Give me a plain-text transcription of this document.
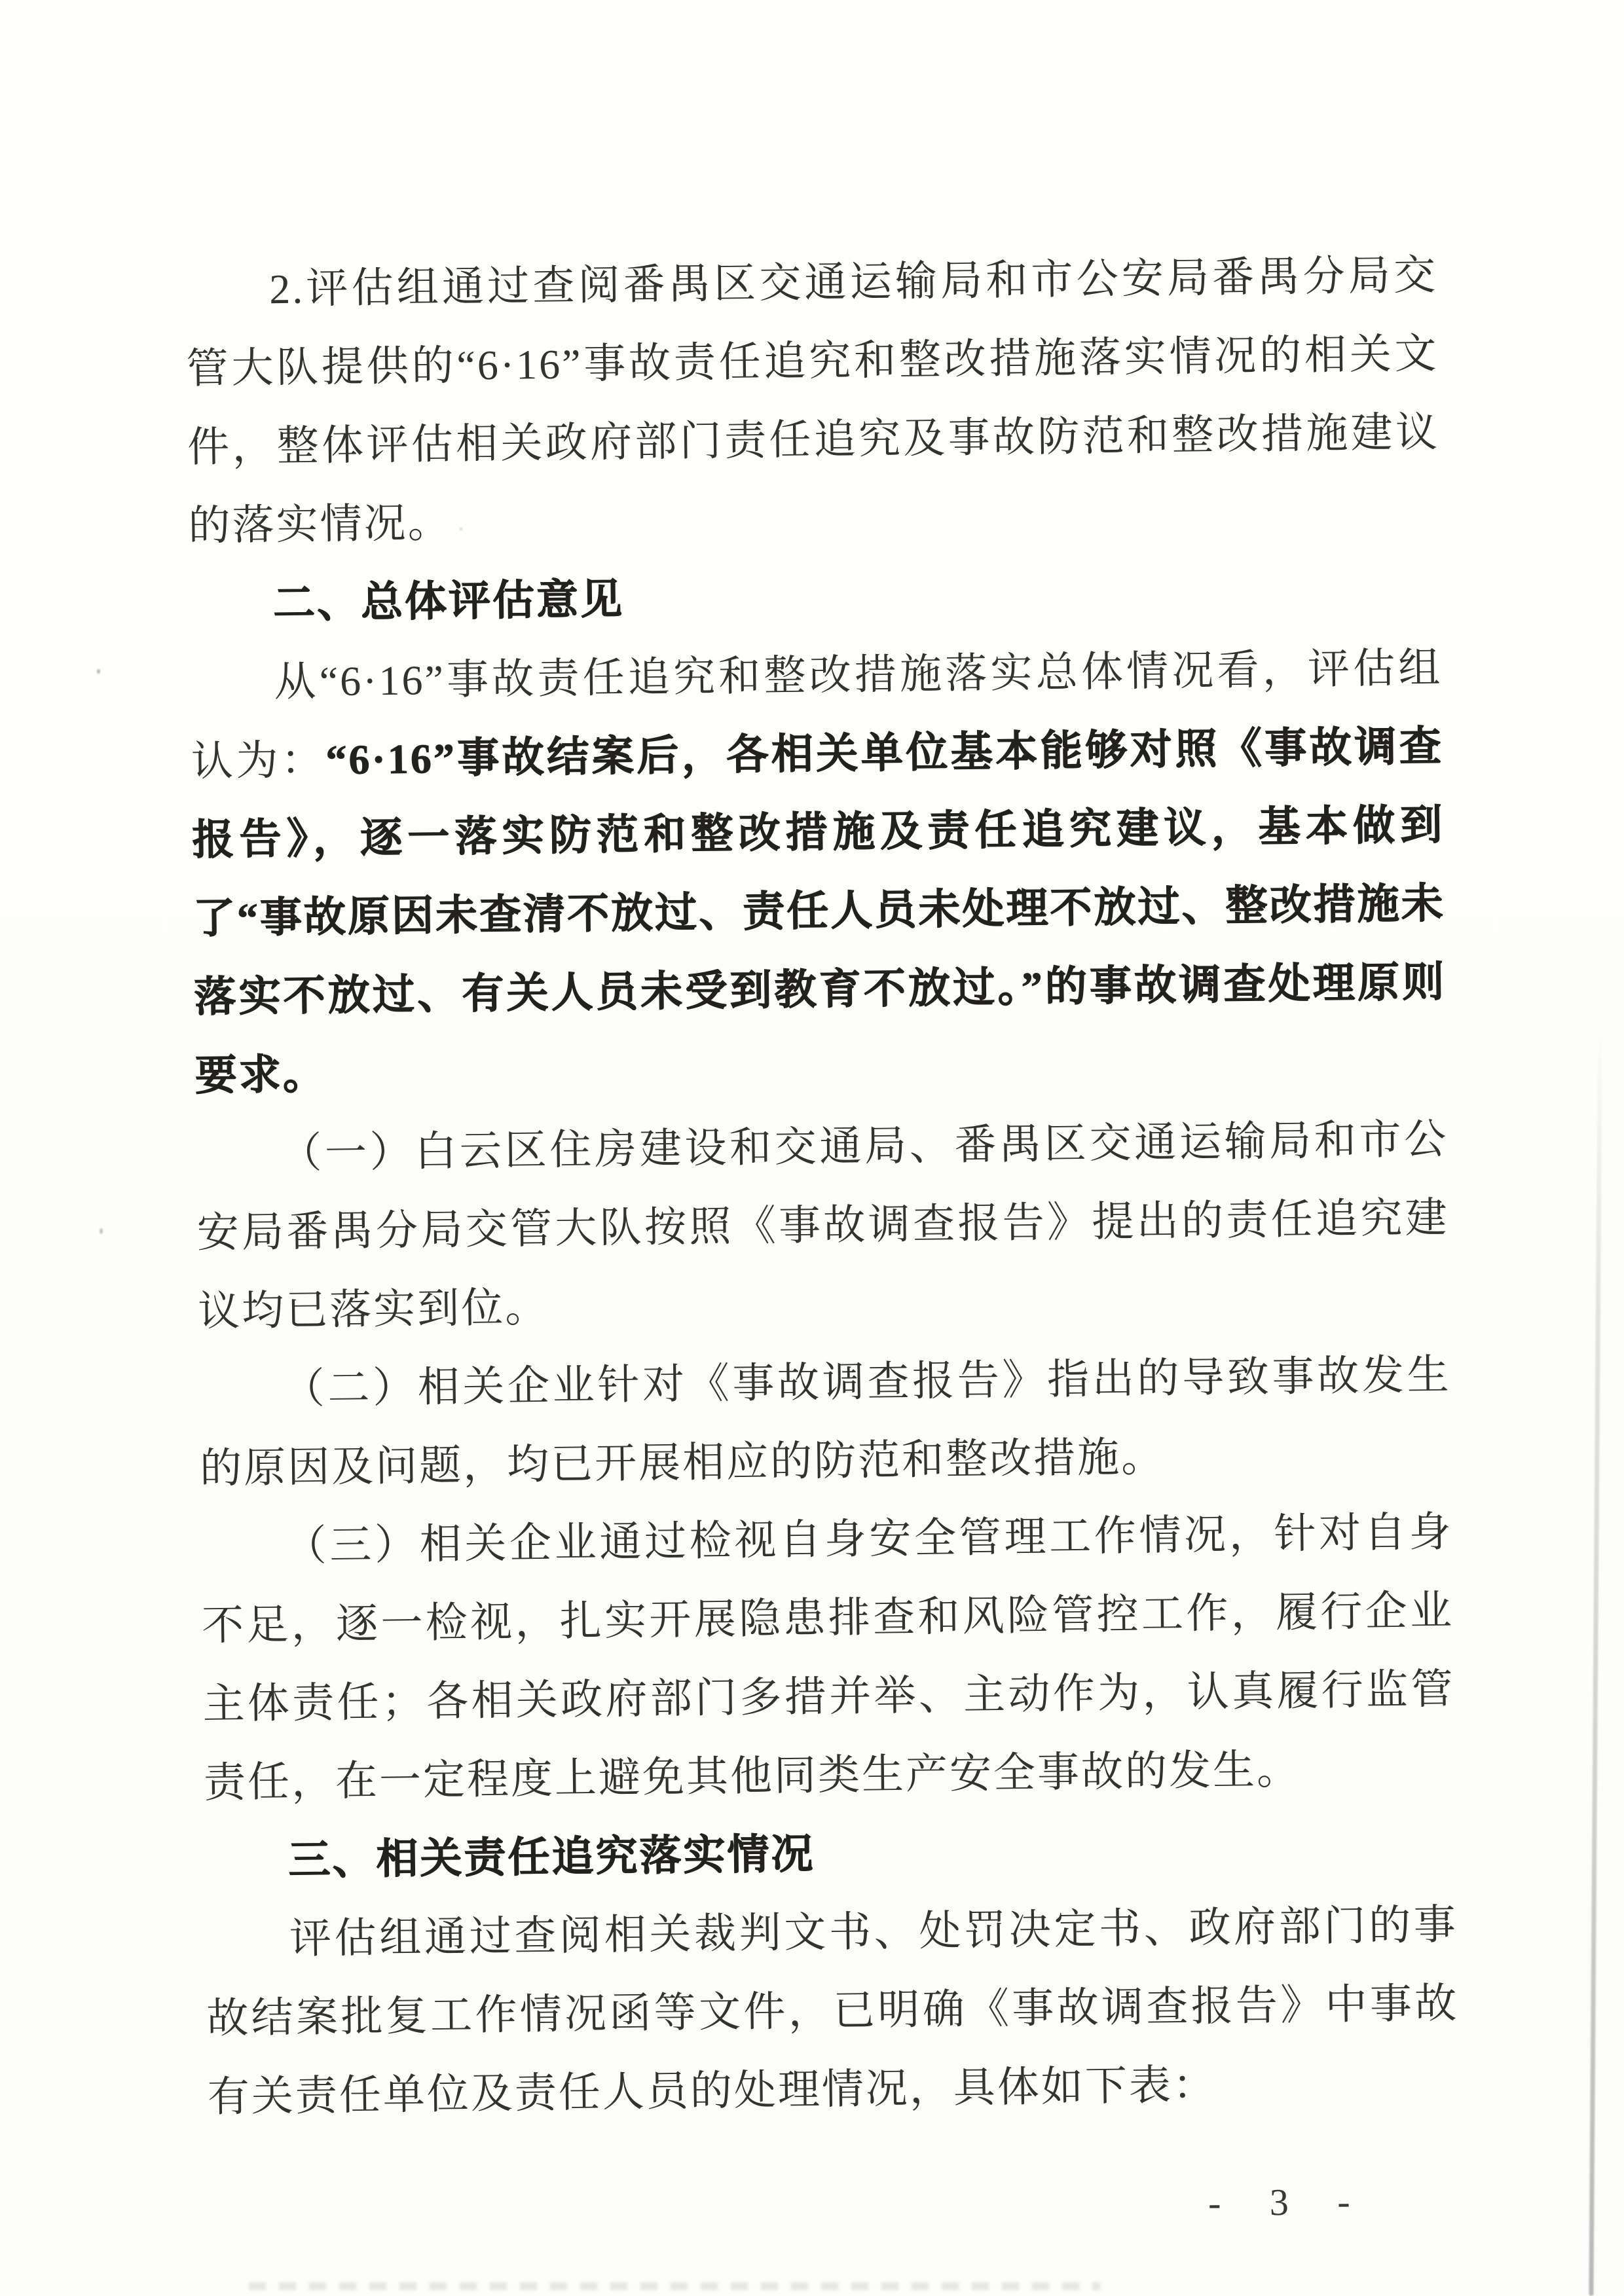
2.评估组通过查阅番禺区交通运输局和市公安局番禺分局交管大队提供的“6·16”事故责任追究和整改措施落实情况的相关文件，整体评估相关政府部门责任追究及事故防范和整改措施建议的落实情况。

二、总体评估意见

从“6·16”事故责任追究和整改措施落实总体情况看，评估组认为：“6·16”事故结案后，各相关单位基本能够对照《事故调查报告》，逐一落实防范和整改措施及责任追究建议，基本做到了“事故原因未查清不放过、责任人员未处理不放过、整改措施未落实不放过、有关人员未受到教育不放过。”的事故调查处理原则要求。

（一）白云区住房建设和交通局、番禺区交通运输局和市公安局番禺分局交管大队按照《事故调查报告》提出的责任追究建议均已落实到位。

（二）相关企业针对《事故调查报告》指出的导致事故发生的原因及问题，均已开展相应的防范和整改措施。

（三）相关企业通过检视自身安全管理工作情况，针对自身不足，逐一检视，扎实开展隐患排查和风险管控工作，履行企业主体责任；各相关政府部门多措并举、主动作为，认真履行监管责任，在一定程度上避免其他同类生产安全事故的发生。

三、相关责任追究落实情况

评估组通过查阅相关裁判文书、处罚决定书、政府部门的事故结案批复工作情况函等文件，已明确《事故调查报告》中事故有关责任单位及责任人员的处理情况，具体如下表：

- 3 -
